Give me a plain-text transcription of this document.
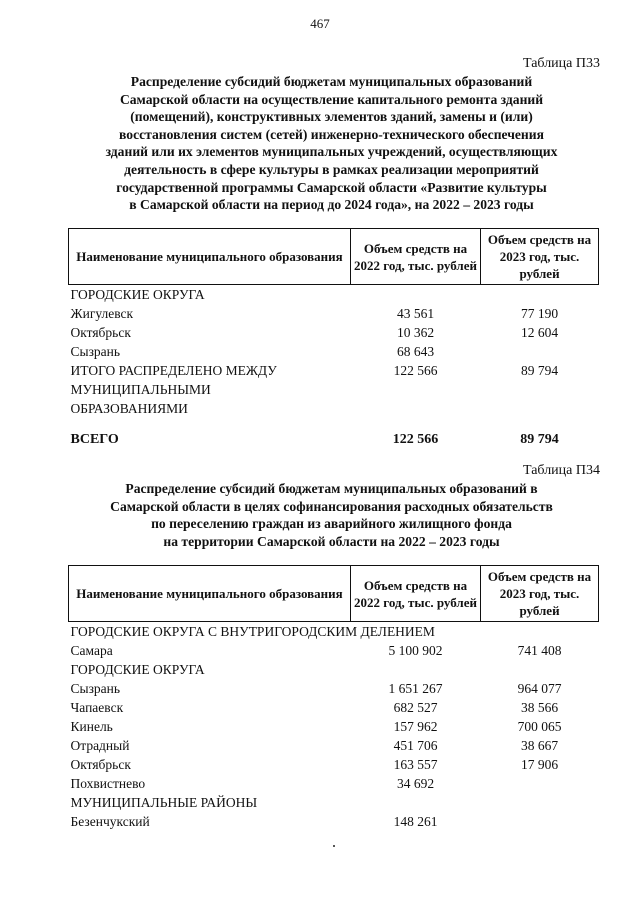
467
Таблица П33
Распределение субсидий бюджетам муниципальных образований
Самарской области на осуществление капитального ремонта зданий
(помещений), конструктивных элементов зданий, замены и (или)
восстановления систем (сетей) инженерно-технического обеспечения
зданий или их элементов муниципальных учреждений, осуществляющих
деятельность в сфере культуры в рамках реализации мероприятий
государственной программы Самарской области «Развитие культуры
в Самарской области на период до 2024 года», на 2022 – 2023 годы
Наименование муниципального образования	Объем средств на 2022 год, тыс. рублей	Объем средств на 2023 год, тыс. рублей
ГОРОДСКИЕ ОКРУГА		
Жигулевск	43 561	77 190
Октябрьск	10 362	12 604
Сызрань	68 643	
ИТОГО РАСПРЕДЕЛЕНО МЕЖДУ МУНИЦИПАЛЬНЫМИ ОБРАЗОВАНИЯМИ	122 566	89 794
ВСЕГО	122 566	89 794
Таблица П34
Распределение субсидий бюджетам муниципальных образований в
Самарской области в целях софинансирования расходных обязательств
по переселению граждан из аварийного жилищного фонда
на территории Самарской области на 2022 – 2023 годы
Наименование муниципального образования	Объем средств на 2022 год, тыс. рублей	Объем средств на 2023 год, тыс. рублей
ГОРОДСКИЕ ОКРУГА С ВНУТРИГОРОДСКИМ ДЕЛЕНИЕМ		
Самара	5 100 902	741 408
ГОРОДСКИЕ ОКРУГА		
Сызрань	1 651 267	964 077
Чапаевск	682 527	38 566
Кинель	157 962	700 065
Отрадный	451 706	38 667
Октябрьск	163 557	17 906
Похвистнево	34 692	
МУНИЦИПАЛЬНЫЕ РАЙОНЫ		
Безенчукский	148 261	
